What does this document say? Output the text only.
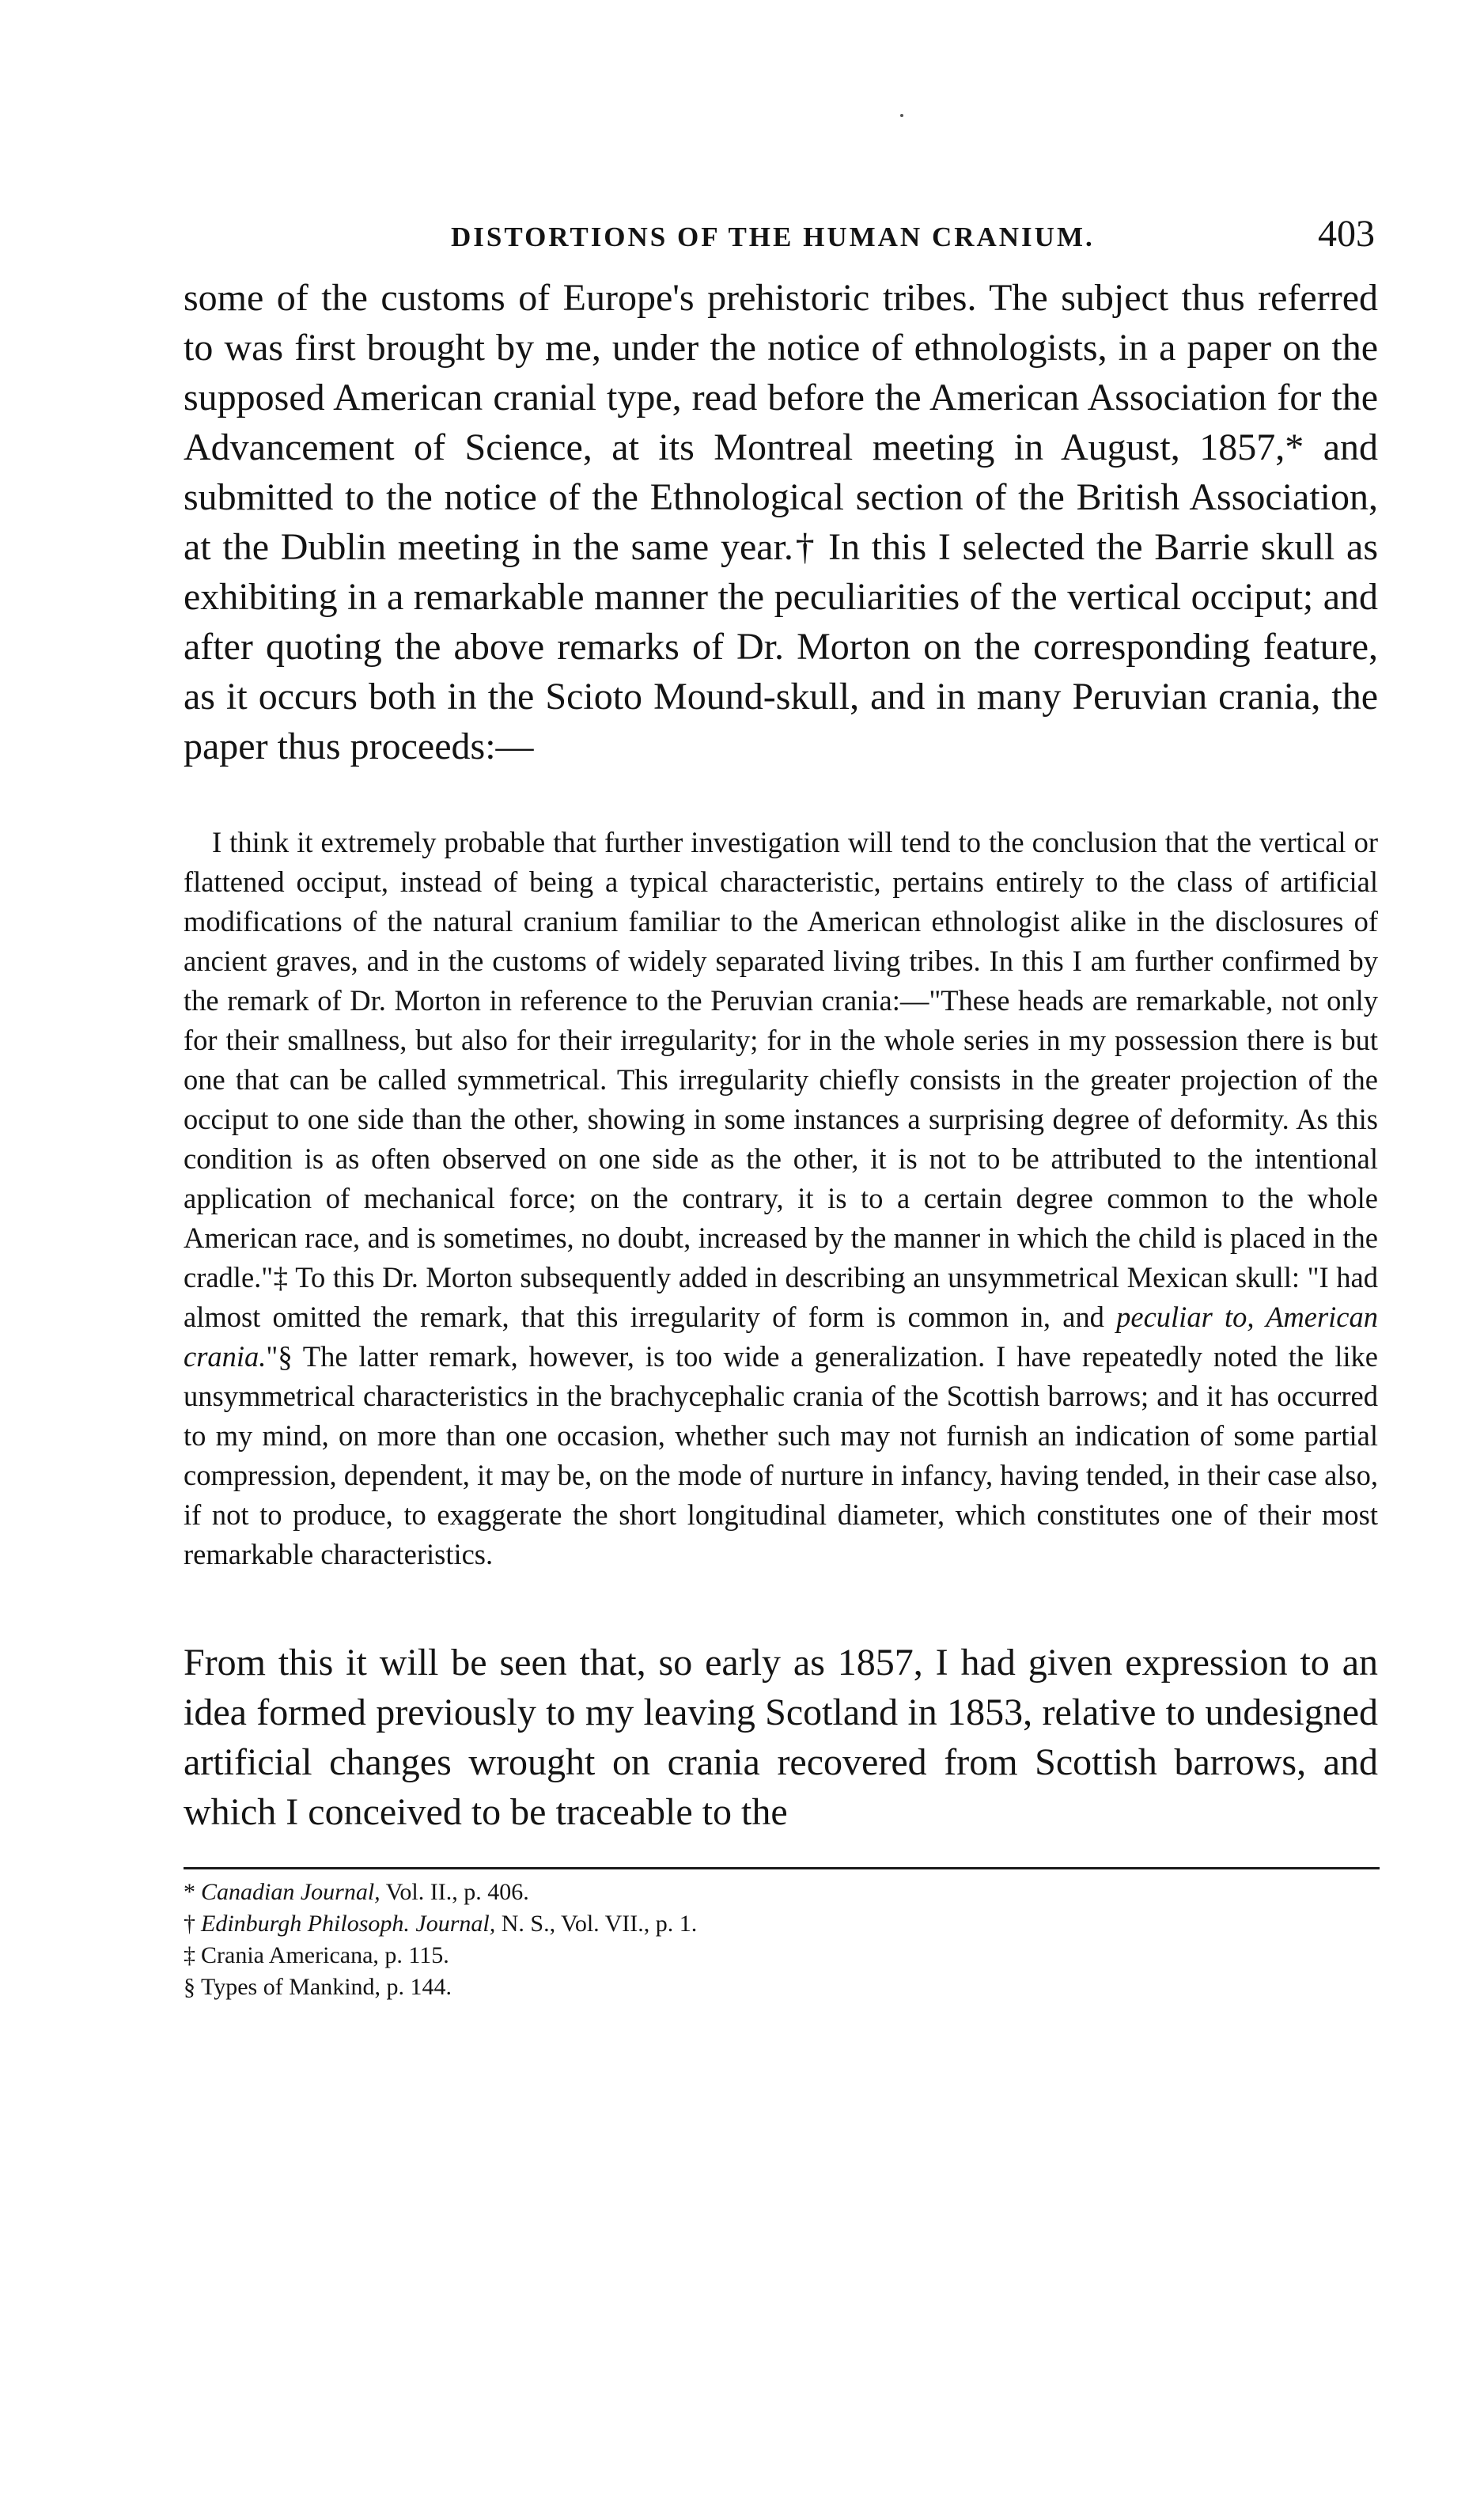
DISTORTIONS OF THE HUMAN CRANIUM.	403

some of the customs of Europe's prehistoric tribes. The subject thus referred to was first brought by me, under the notice of ethnologists, in a paper on the supposed American cranial type, read before the American Association for the Advancement of Science, at its Montreal meeting in August, 1857,* and submitted to the notice of the Ethnological section of the British Association, at the Dublin meeting in the same year.† In this I selected the Barrie skull as exhibiting in a remarkable manner the peculiarities of the vertical occiput; and after quoting the above remarks of Dr. Morton on the corresponding feature, as it occurs both in the Scioto Mound-skull, and in many Peruvian crania, the paper thus proceeds:—

I think it extremely probable that further investigation will tend to the conclusion that the vertical or flattened occiput, instead of being a typical characteristic, pertains entirely to the class of artificial modifications of the natural cranium familiar to the American ethnologist alike in the disclosures of ancient graves, and in the customs of widely separated living tribes. In this I am further confirmed by the remark of Dr. Morton in reference to the Peruvian crania:—"These heads are remarkable, not only for their smallness, but also for their irregularity; for in the whole series in my possession there is but one that can be called symmetrical. This irregularity chiefly consists in the greater projection of the occiput to one side than the other, showing in some instances a surprising degree of deformity. As this condition is as often observed on one side as the other, it is not to be attributed to the intentional application of mechanical force; on the contrary, it is to a certain degree common to the whole American race, and is sometimes, no doubt, increased by the manner in which the child is placed in the cradle."‡ To this Dr. Morton subsequently added in describing an unsymmetrical Mexican skull: "I had almost omitted the remark, that this irregularity of form is common in, and peculiar to, American crania."§ The latter remark, however, is too wide a generalization. I have repeatedly noted the like unsymmetrical characteristics in the brachycephalic crania of the Scottish barrows; and it has occurred to my mind, on more than one occasion, whether such may not furnish an indication of some partial compression, dependent, it may be, on the mode of nurture in infancy, having tended, in their case also, if not to produce, to exaggerate the short longitudinal diameter, which constitutes one of their most remarkable characteristics.

From this it will be seen that, so early as 1857, I had given expression to an idea formed previously to my leaving Scotland in 1853, relative to undesigned artificial changes wrought on crania recovered from Scottish barrows, and which I conceived to be traceable to the

* Canadian Journal, Vol. II., p. 406.
† Edinburgh Philosoph. Journal, N. S., Vol. VII., p. 1.
‡ Crania Americana, p. 115.
§ Types of Mankind, p. 144.
